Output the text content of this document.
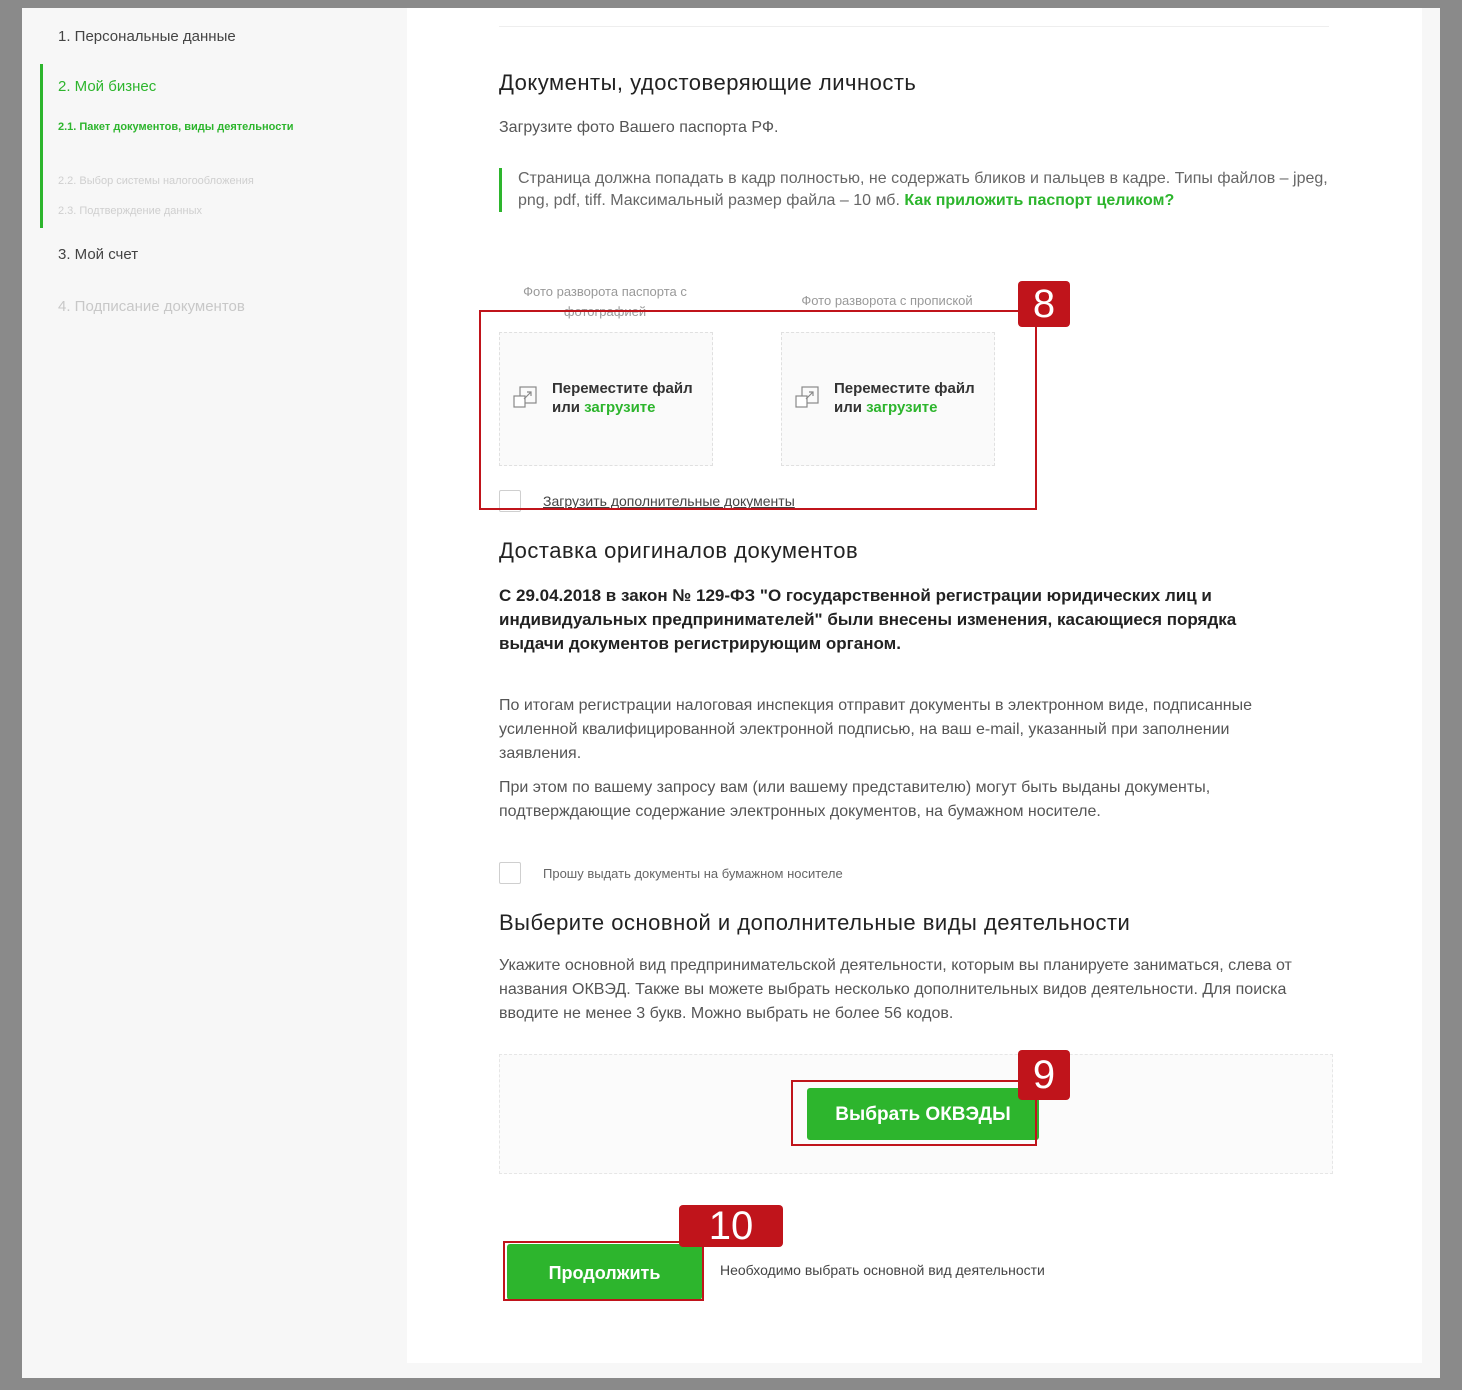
1. Персональные данные
2. Мой бизнес
2.1. Пакет документов, виды деятельности
2.2. Выбор системы налогообложения
2.3. Подтверждение данных
3. Мой счет
4. Подписание документов
Документы, удостоверяющие личность
Загрузите фото Вашего паспорта РФ.
Страница должна попадать в кадр полностью, не содержать бликов и пальцев в кадре. Типы файлов – jpeg, png, pdf, tiff. Максимальный размер файла – 10 мб. Как приложить паспорт целиком?
Фото разворота паспорта с фотографией
Фото разворота с пропиской
Переместите файл
или загрузите
Переместите файл
или загрузите
Загрузить дополнительные документы
Доставка оригиналов документов
С 29.04.2018 в закон № 129-ФЗ "О государственной регистрации юридических лиц и индивидуальных предпринимателей" были внесены изменения, касающиеся порядка выдачи документов регистрирующим органом.
По итогам регистрации налоговая инспекция отправит документы в электронном виде, подписанные усиленной квалифицированной электронной подписью, на ваш e-mail, указанный при заполнении заявления.
При этом по вашему запросу вам (или вашему представителю) могут быть выданы документы, подтверждающие содержание электронных документов, на бумажном носителе.
Прошу выдать документы на бумажном носителе
Выберите основной и дополнительные виды деятельности
Укажите основной вид предпринимательской деятельности, которым вы планируете заниматься, слева от названия ОКВЭД. Также вы можете выбрать несколько дополнительных видов деятельности. Для поиска вводите не менее 3 букв. Можно выбрать не более 56 кодов.
Выбрать ОКВЭДЫ
Продолжить	Необходимо выбрать основной вид деятельности
8
9
10
